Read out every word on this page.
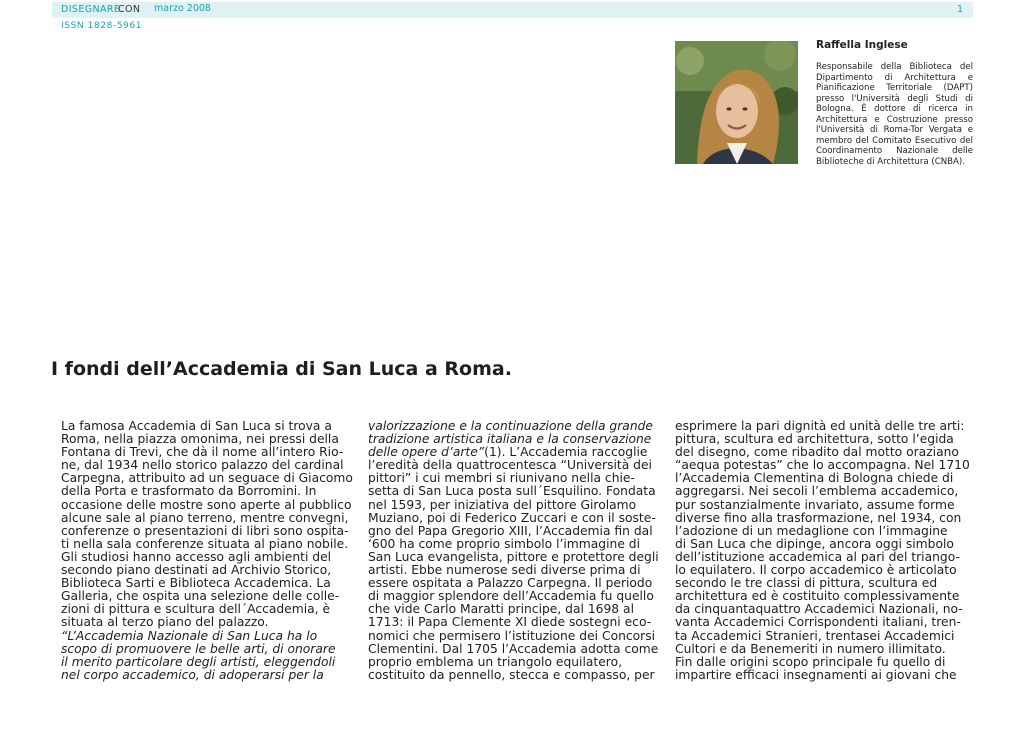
DISEGNARE
CON marzo 2008	1
ISSN 1828-5961
Raffella Inglese

Responsabile della Biblioteca del Dipartimento di Architettura e Pianificazione Territoriale (DAPT) presso l'Università degli Studi di Bologna. È dottore di ricerca in Architettura e Costruzione presso l'Università di Roma-Tor Vergata e membro del Comitato Esecutivo del Coordinamento Nazionale delle Biblioteche di Architettura (CNBA).

I fondi dell’Accademia di San Luca a Roma.
La famosa Accademia di San Luca si trova a
Roma, nella piazza omonima, nei pressi della
Fontana di Trevi, che dà il nome all’intero Rio-
ne, dal 1934 nello storico palazzo del cardinal
Carpegna, attribuito ad un seguace di Giacomo
della Porta e trasformato da Borromini. In
occasione delle mostre sono aperte al pubblico
alcune sale al piano terreno, mentre convegni,
conferenze o presentazioni di libri sono ospita-
ti nella sala conferenze situata al piano nobile.
Gli studiosi hanno accesso agli ambienti del
secondo piano destinati ad Archivio Storico,
Biblioteca Sarti e Biblioteca Accademica. La
Galleria, che ospita una selezione delle colle-
zioni di pittura e scultura dell´Accademia, è
situata al terzo piano del palazzo.
“L’Accademia Nazionale di San Luca ha lo
scopo di promuovere le belle arti, di onorare
il merito particolare degli artisti, eleggendoli
nel corpo accademico, di adoperarsi per la
valorizzazione e la continuazione della grande
tradizione artistica italiana e la conservazione
delle opere d’arte”(1). L’Accademia raccoglie
l’eredità della quattrocentesca “Università dei
pittori” i cui membri si riunivano nella chie-
setta di San Luca posta sull´Esquilino. Fondata
nel 1593, per iniziativa del pittore Girolamo
Muziano, poi di Federico Zuccari e con il soste-
gno del Papa Gregorio XIII, l’Accademia fin dal
‘600 ha come proprio simbolo l’immagine di
San Luca evangelista, pittore e protettore degli
artisti. Ebbe numerose sedi diverse prima di
essere ospitata a Palazzo Carpegna. Il periodo
di maggior splendore dell’Accademia fu quello
che vide Carlo Maratti principe, dal 1698 al
1713: il Papa Clemente XI diede sostegni eco-
nomici che permisero l’istituzione dei Concorsi
Clementini. Dal 1705 l’Accademia adotta come
proprio emblema un triangolo equilatero,
costituito da pennello, stecca e compasso, per
esprimere la pari dignità ed unità delle tre arti:
pittura, scultura ed architettura, sotto l’egida
del disegno, come ribadito dal motto oraziano
“aequa potestas” che lo accompagna. Nel 1710
l’Accademia Clementina di Bologna chiede di
aggregarsi. Nei secoli l’emblema accademico,
pur sostanzialmente invariato, assume forme
diverse fino alla trasformazione, nel 1934, con
l’adozione di un medaglione con l’immagine
di San Luca che dipinge, ancora oggi simbolo
dell’istituzione accademica al pari del triango-
lo equilatero. Il corpo accademico è articolato
secondo le tre classi di pittura, scultura ed
architettura ed è costituito complessivamente
da cinquantaquattro Accademici Nazionali, no-
vanta Accademici Corrispondenti italiani, tren-
ta Accademici Stranieri, trentasei Accademici
Cultori e da Benemeriti in numero illimitato.
Fin dalle origini scopo principale fu quello di
impartire efficaci insegnamenti ai giovani che
